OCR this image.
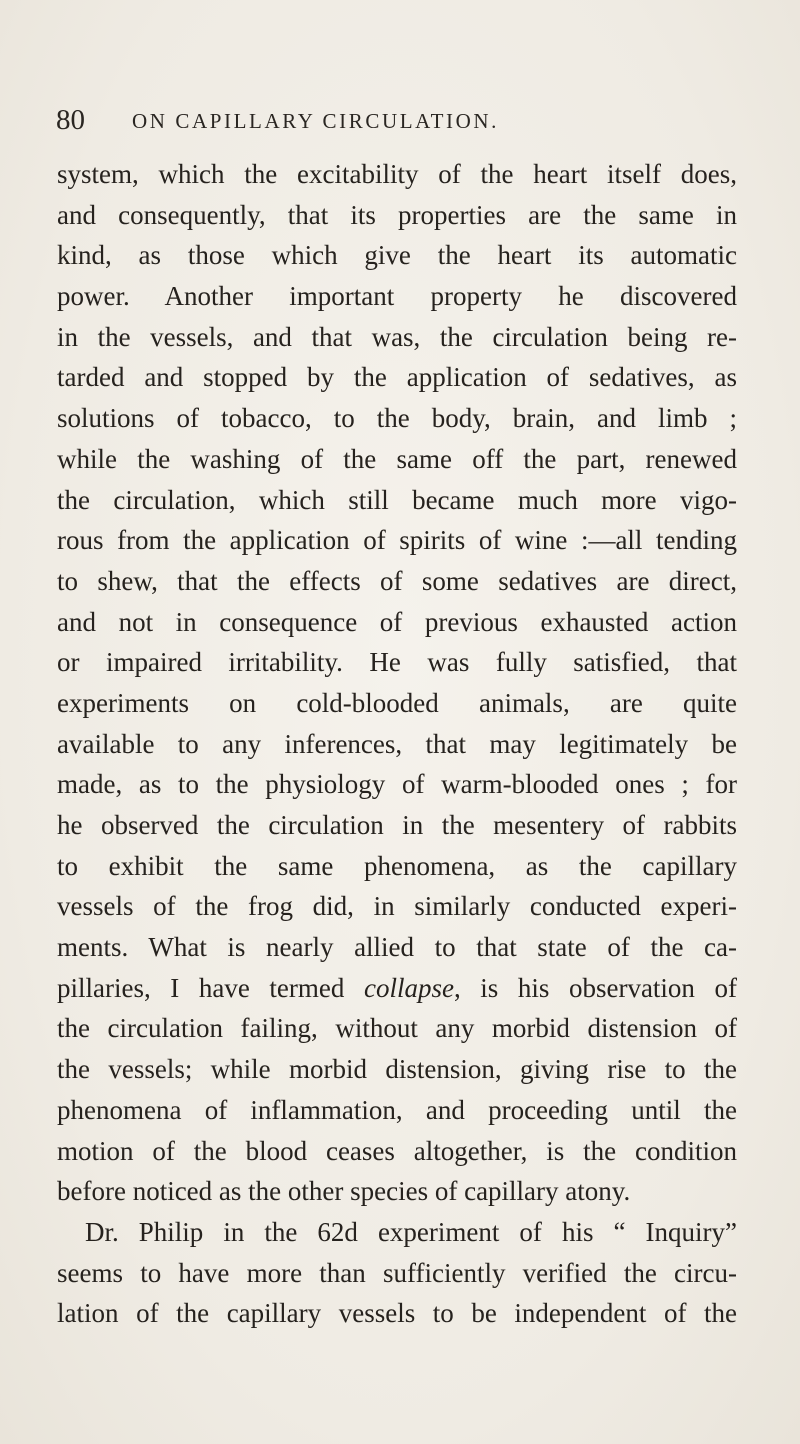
80 ON CAPILLARY CIRCULATION.
system, which the excitability of the heart itself does,
and consequently, that its properties are the same in
kind, as those which give the heart its automatic
power. Another important property he discovered
in the vessels, and that was, the circulation being re-
tarded and stopped by the application of sedatives, as
solutions of tobacco, to the body, brain, and limb ;
while the washing of the same off the part, renewed
the circulation, which still became much more vigo-
rous from the application of spirits of wine :—all tending
to shew, that the effects of some sedatives are direct,
and not in consequence of previous exhausted action
or impaired irritability. He was fully satisfied, that
experiments on cold-blooded animals, are quite
available to any inferences, that may legitimately be
made, as to the physiology of warm-blooded ones ; for
he observed the circulation in the mesentery of rabbits
to exhibit the same phenomena, as the capillary
vessels of the frog did, in similarly conducted experi-
ments. What is nearly allied to that state of the ca-
pillaries, I have termed collapse, is his observation of
the circulation failing, without any morbid distension of
the vessels; while morbid distension, giving rise to the
phenomena of inflammation, and proceeding until the
motion of the blood ceases altogether, is the condition
before noticed as the other species of capillary atony.
Dr. Philip in the 62d experiment of his “ Inquiry”
seems to have more than sufficiently verified the circu-
lation of the capillary vessels to be independent of the
